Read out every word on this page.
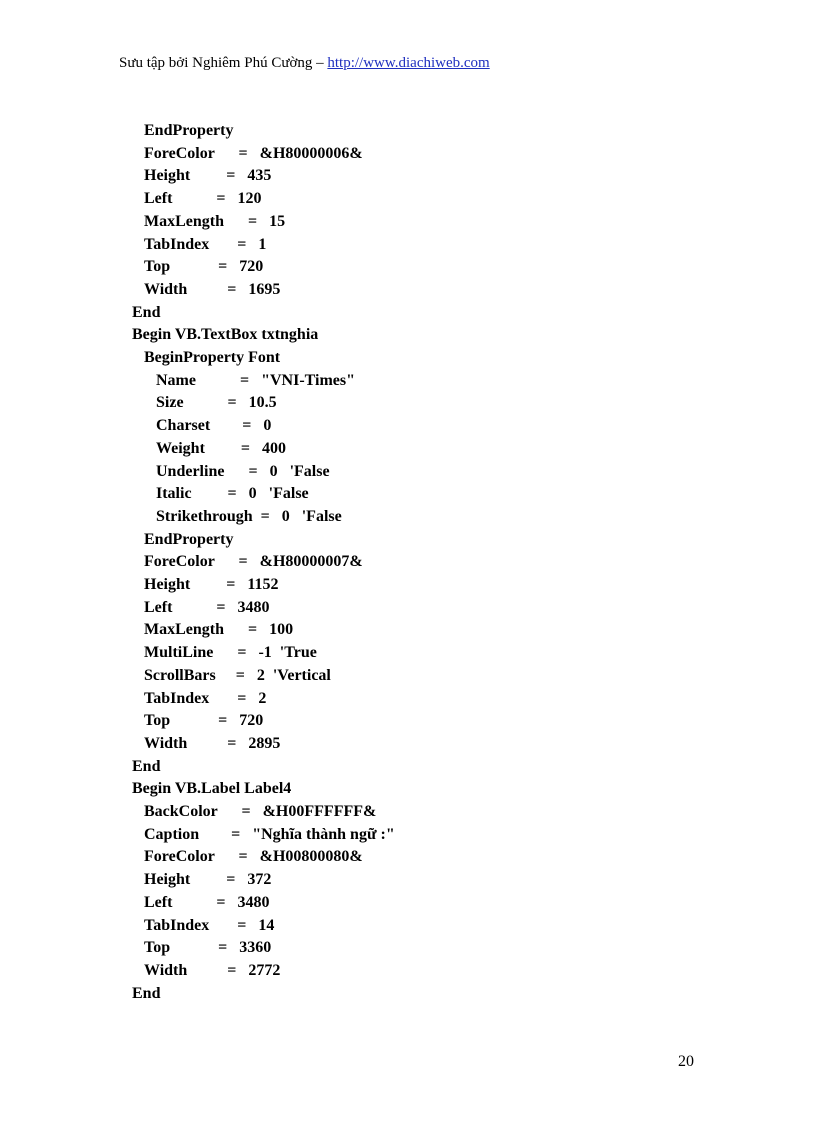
Sưu tập bởi Nghiêm Phú Cường – http://www.diachiweb.com
EndProperty
ForeColor      =   &H80000006&
Height         =   435
Left           =   120
MaxLength      =   15
TabIndex       =   1
Top            =   720
Width          =   1695
End
Begin VB.TextBox txtnghia
BeginProperty Font
Name           =   "VNI-Times"
Size           =   10.5
Charset        =   0
Weight         =   400
Underline      =   0   'False
Italic         =   0   'False
Strikethrough  =   0   'False
EndProperty
ForeColor      =   &H80000007&
Height         =   1152
Left           =   3480
MaxLength      =   100
MultiLine      =   -1  'True
ScrollBars     =   2  'Vertical
TabIndex       =   2
Top            =   720
Width          =   2895
End
Begin VB.Label Label4
BackColor      =   &H00FFFFFF&
Caption        =   "Nghĩa thành ngữ :"
ForeColor      =   &H00800080&
Height         =   372
Left           =   3480
TabIndex       =   14
Top            =   3360
Width          =   2772
End
20
